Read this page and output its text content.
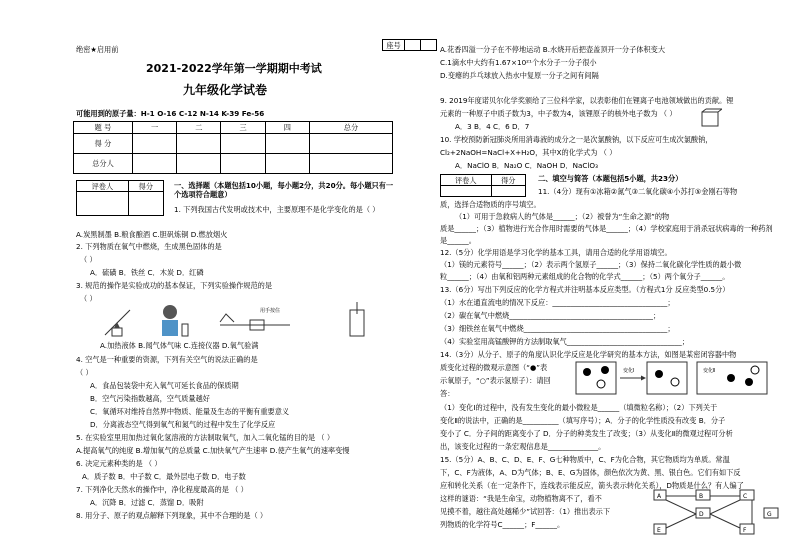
绝密★启用前
2021-2022学年第一学期期中考试
九年级化学试卷
可能用到的原子量：H-1 O-16 C-12 N-14 K-39 Fe-56
座号		
题 号	一	二	三	四	总分
得 分					
总分人					
评卷人	得分
		一、选择题（本题包括10小题，每小题2分，共20分。每小题只有一个选项符合题意）
1. 下列我国古代发明或技术中，主要原理不是化学变化的是（ ）
A.炭黑制墨 B.粮食酿酒 C.胆矾炼铜 D.燃放烟火
2. 下列物质在氧气中燃烧，生成黑色固体的是
（ ）
A．硫磺 B．铁丝 C．木炭 D．红磷
3. 规范的操作是实验成功的基本保证，下列实验操作规范的是
（ ）
用手按住
A.加热液体 B.闻气体气味 C.连接仪器 D.氧气验满
4. 空气是一种重要的资源，下列有关空气的说法正确的是
（ ）
A．食品包装袋中充入氧气可延长食品的保质期
B．空气污染指数越高，空气质量越好
C．氧循环对维持自然界中物质、能量及生态的平衡有重要意义
D．分离液态空气得到氧气和氮气的过程中发生了化学反应
5. 在实验室里用加热过氧化氢溶液的方法制取氧气，加入二氧化锰的目的是 （ ）
A.提高氧气的纯度 B.增加氧气的总质量 C.加快氧气产生速率 D.使产生氧气的速率变慢
6. 决定元素种类的是 （ ）
A．质子数 B．中子数 C．最外层电子数 D．电子数
7. 下列净化天然水的操作中，净化程度最高的是 （ ）
A．沉降 B．过滤 C．蒸馏 D．吸附
8. 用分子、原子的观点解释下列现象，其中不合理的是（ ）
A.花香四溢一分子在不停地运动 B.水烧开后把壶盖顶开一分子体积变大
C.1滴水中大约有1.67×10²¹个水分子一分子很小
D.变瘪的乒乓球放入热水中复原一分子之间有间隔
9. 2019年度诺贝尔化学奖颁给了三位科学家，以表彰他们在锂离子电池领域做出的贡献。锂
元素的一种原子中质子数为3，中子数为4，该锂原子的核外电子数为 （ ）
A．3 B．4 C．6 D．7
10. 学校预防新冠肺炎所用消毒液的成分之一是次氯酸钠，以下反应可生成次氯酸钠，
Cl₂+2NaOH=NaCl+X+H₂O，其中X的化学式为 （ ）
A．NaClO B．Na₂O C．NaOH D．NaClO₃
评卷人	得分
		二、填空与简答（本题包括5小题，共23分）
11.（4分）现有①冰箱②氮气③二氧化碳④小苏打⑤金刚石等物
质，选择合适物质的序号填空。
（1）可用于急救病人的气体是______；（2）被誉为“生命之源”的物
质是______；（3）植物进行光合作用时需要的气体是______；（4）学校家庭用于消杀冠状病毒的一种药剂
是______。
12.（5分）化学用语是学习化学的基本工具，请用合适的化学用语填空。
（1）镁的元素符号______；（2）表示两个氢原子______；（3）保持二氧化碳化学性质的最小微
粒______；（4）由氧和铝两种元素组成的化合物的化学式______；（5）两个氧分子______。
13.（6分）写出下列反应的化学方程式并注明基本反应类型。（方程式1分 反应类型0.5分）
（1）水在通直流电的情况下反应：________________________________；
（2）碳在氧气中燃烧________________________________________；
（3）细铁丝在氧气中燃烧________________________________________；
（4）实验室用高锰酸钾的方法制取氧气________________________________；
14.（3分）从分子、原子的角度认识化学反应是化学研究的基本方法，如图是某密闭容器中物
质变化过程的微观示意图（“●”表
示氧原子，“○”表示氢原子）：请回
答：
变化Ⅰ	变化Ⅱ
（1）变化Ⅰ的过程中，没有发生变化的最小微粒是______（填微粒名称）；（2）下列关于
变化Ⅱ的说法中，正确的是__________（填写序号）；A．分子的化学性质没有改变 B．分子
变小了 C．分子间的距离变小了 D．分子的种类发生了改变；（3）从变化Ⅱ的微观过程可分析
出，该变化过程的一条宏观信息是______________。
15.（5分）A、B、C、D、E、F、G七种物质中，C、F为化合物，其它物质均为单质。常温
下，C、F为液体，A、D为气体；B、E、G为固体，颜色依次为黄、黑、银白色。它们有如下反
应和转化关系（在一定条件下，连线表示能反应，箭头表示转化关系），D物质是什么？有人编了
这样的谜语：“我是生命宝，动物植物离不了，看不
见摸不着，越往高处越稀少”试回答：（1）推出表示下
列物质的化学符号C______；F______。
A	B	C
D
E	F
G
